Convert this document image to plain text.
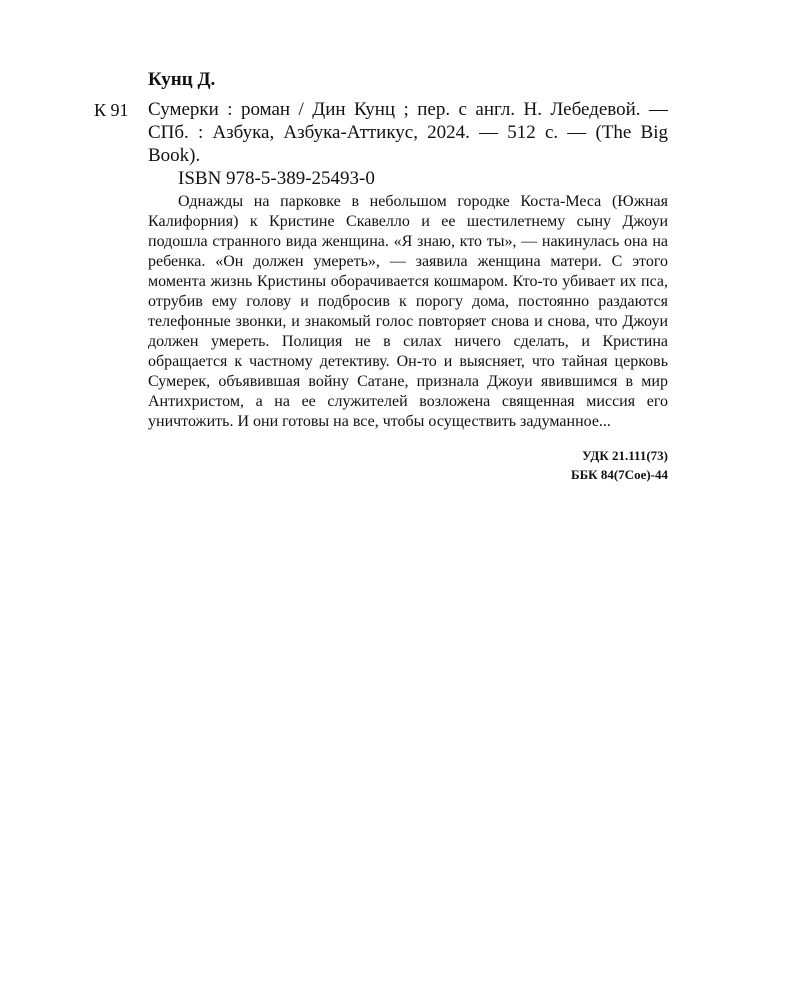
Кунц Д.
К 91	Сумерки : роман / Дин Кунц ; пер. с англ. Н. Лебедевой. — СПб. : Азбука, Азбука-Аттикус, 2024. — 512 с. — (The Big Book).
ISBN 978-5-389-25493-0
Однажды на парковке в небольшом городке Коста-Меса (Южная Калифорния) к Кристине Скавелло и ее шестилетнему сыну Джоуи подошла странного вида женщина. «Я знаю, кто ты», — накинулась она на ребенка. «Он должен умереть», — заявила женщина матери. С этого момента жизнь Кристины оборачивается кошмаром. Кто-то убивает их пса, отрубив ему голову и подбросив к порогу дома, постоянно раздаются телефонные звонки, и знакомый голос повторяет снова и снова, что Джоуи должен умереть. Полиция не в силах ничего сделать, и Кристина обращается к частному детективу. Он-то и выясняет, что тайная церковь Сумерек, объявившая войну Сатане, признала Джоуи явившимся в мир Антихристом, а на ее служителей возложена священная миссия его уничтожить. И они готовы на все, чтобы осуществить задуманное...
УДК 21.111(73)
ББК 84(7Сое)-44
